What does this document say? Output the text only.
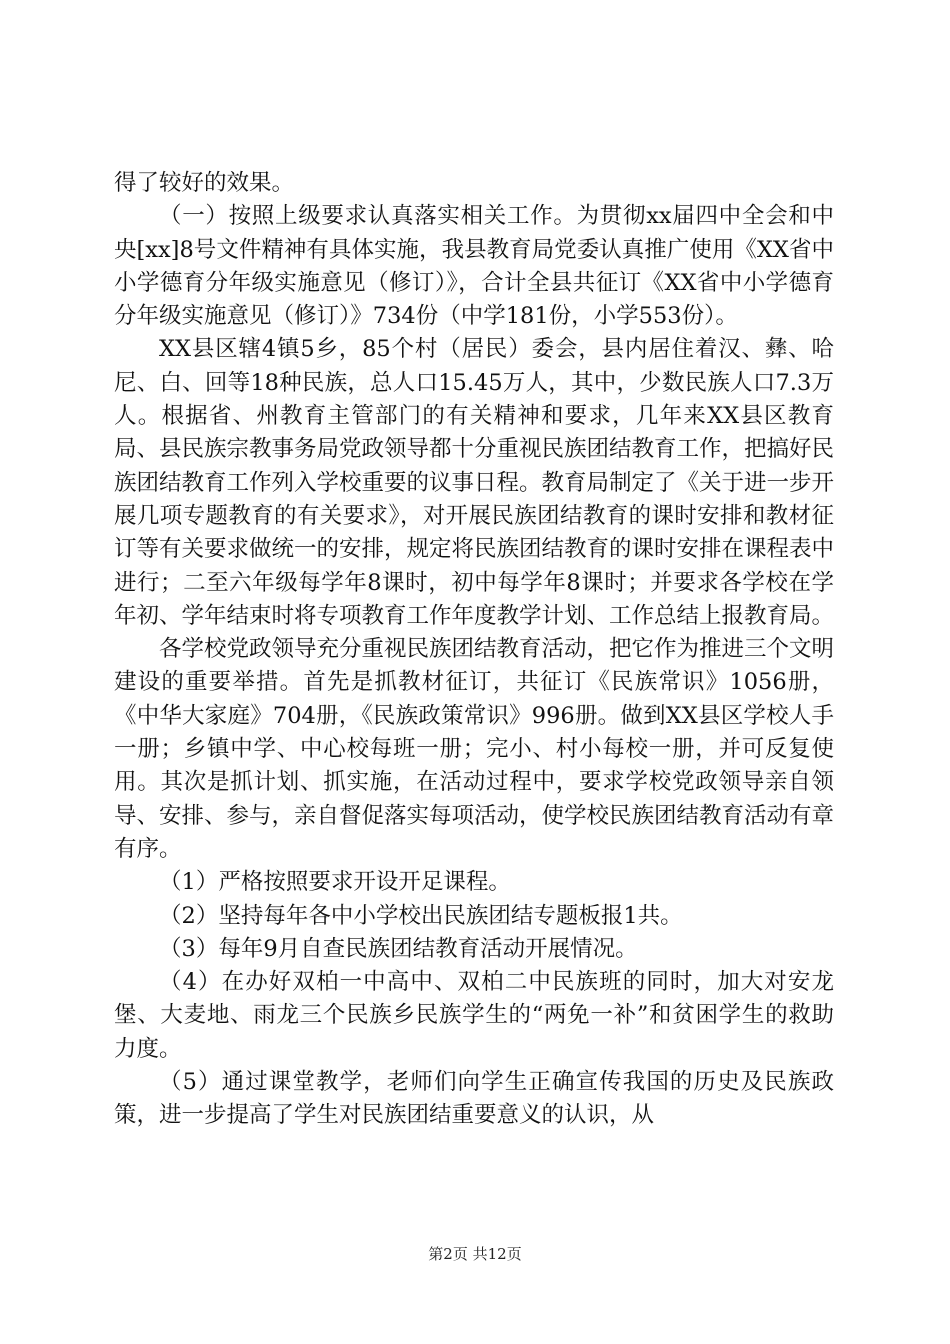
得了较好的效果。

（一）按照上级要求认真落实相关工作。为贯彻xx届四中全会和中央[xx]8号文件精神有具体实施，我县教育局党委认真推广使用《XX省中小学德育分年级实施意见（修订）》，合计全县共征订《XX省中小学德育分年级实施意见（修订）》734份（中学181份，小学553份）。

XX县区辖4镇5乡，85个村（居民）委会，县内居住着汉、彝、哈尼、白、回等18种民族，总人口15.45万人，其中，少数民族人口7.3万人。根据省、州教育主管部门的有关精神和要求，几年来XX县区教育局、县民族宗教事务局党政领导都十分重视民族团结教育工作，把搞好民族团结教育工作列入学校重要的议事日程。教育局制定了《关于进一步开展几项专题教育的有关要求》，对开展民族团结教育的课时安排和教材征订等有关要求做统一的安排，规定将民族团结教育的课时安排在课程表中进行；二至六年级每学年8课时，初中每学年8课时；并要求各学校在学年初、学年结束时将专项教育工作年度教学计划、工作总结上报教育局。

各学校党政领导充分重视民族团结教育活动，把它作为推进三个文明建设的重要举措。首先是抓教材征订，共征订《民族常识》1056册，《中华大家庭》704册，《民族政策常识》996册。做到XX县区学校人手一册；乡镇中学、中心校每班一册；完小、村小每校一册，并可反复使用。其次是抓计划、抓实施，在活动过程中，要求学校党政领导亲自领导、安排、参与，亲自督促落实每项活动，使学校民族团结教育活动有章有序。

（1）严格按照要求开设开足课程。

（2）坚持每年各中小学校出民族团结专题板报1共。

（3）每年9月自查民族团结教育活动开展情况。

（4）在办好双柏一中高中、双柏二中民族班的同时，加大对安龙堡、大麦地、雨龙三个民族乡民族学生的“两免一补”和贫困学生的救助力度。

（5）通过课堂教学，老师们向学生正确宣传我国的历史及民族政策，进一步提高了学生对民族团结重要意义的认识，从

第2页 共12页
